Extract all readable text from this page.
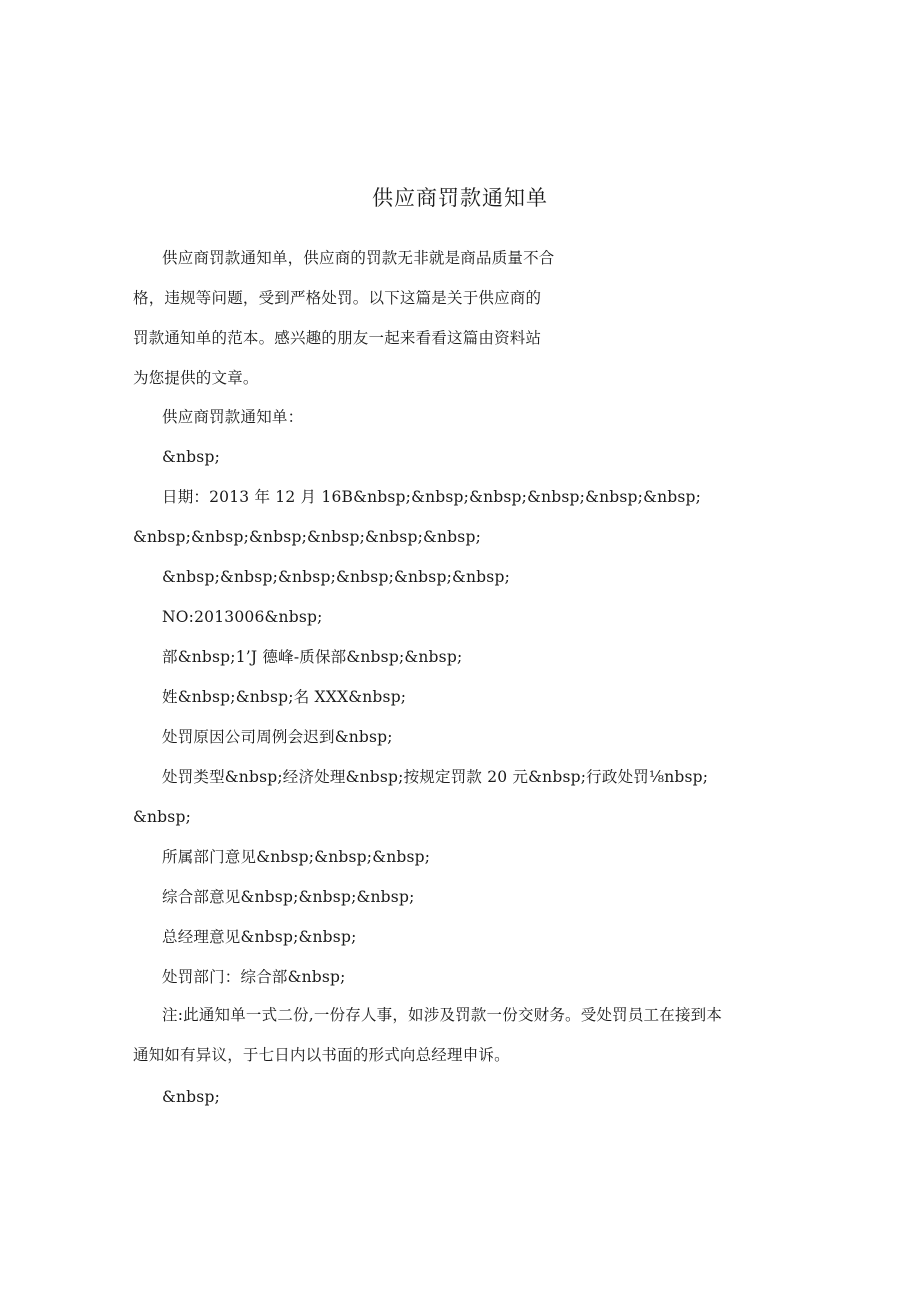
供应商罚款通知单
供应商罚款通知单，供应商的罚款无非就是商品质量不合
格，违规等问题，受到严格处罚。以下这篇是关于供应商的
罚款通知单的范本。感兴趣的朋友一起来看看这篇由资料站
为您提供的文章。
供应商罚款通知单：
&nbsp;
日期：2013 年 12 月 16B&nbsp;&nbsp;&nbsp;&nbsp;&nbsp;&nbsp;
&nbsp;&nbsp;&nbsp;&nbsp;&nbsp;&nbsp;
&nbsp;&nbsp;&nbsp;&nbsp;&nbsp;&nbsp;
NO:2013006&nbsp;
部&nbsp;1’J 德峰-质保部&nbsp;&nbsp;
姓&nbsp;&nbsp;名 XXX&nbsp;
处罚原因公司周例会迟到&nbsp;
处罚类型&nbsp;经济处理&nbsp;按规定罚款 20 元&nbsp;行政处罚⅛nbsp;
&nbsp;
所属部门意见&nbsp;&nbsp;&nbsp;
综合部意见&nbsp;&nbsp;&nbsp;
总经理意见&nbsp;&nbsp;
处罚部门：综合部&nbsp;
注:此通知单一式二份,一份存人事，如涉及罚款一份交财务。受处罚员工在接到本
通知如有异议，于七日内以书面的形式向总经理申诉。
&nbsp;
